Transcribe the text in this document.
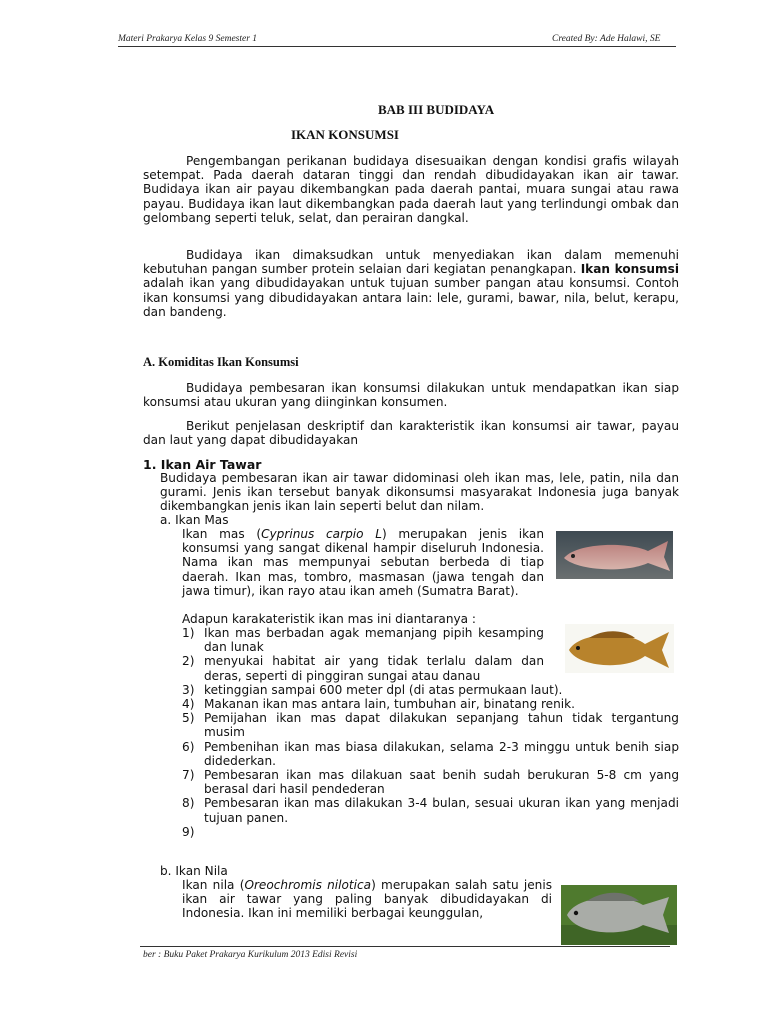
Materi Prakarya Kelas 9 Semester 1	Created By: Ade Halawi, SE
BAB III BUDIDAYA
IKAN KONSUMSI

Pengembangan perikanan budidaya disesuaikan dengan kondisi grafis wilayah setempat. Pada daerah dataran tinggi dan rendah dibudidayakan ikan air tawar. Budidaya ikan air payau dikembangkan pada daerah pantai, muara sungai atau rawa payau. Budidaya ikan laut dikembangkan pada daerah laut yang terlindungi ombak dan gelombang seperti teluk, selat, dan perairan dangkal.

Budidaya ikan dimaksudkan untuk menyediakan ikan dalam memenuhi kebutuhan pangan sumber protein selaian dari kegiatan penangkapan. Ikan konsumsi adalah ikan yang dibudidayakan untuk tujuan sumber pangan atau konsumsi. Contoh ikan konsumsi yang dibudidayakan antara lain: lele, gurami, bawar, nila, belut, kerapu, dan bandeng.

A. Komiditas Ikan Konsumsi

Budidaya pembesaran ikan konsumsi dilakukan untuk mendapatkan ikan siap konsumsi atau ukuran yang diinginkan konsumen.

Berikut penjelasan deskriptif dan karakteristik ikan konsumsi air tawar, payau dan laut yang dapat dibudidayakan

1. Ikan Air Tawar

Budidaya pembesaran ikan air tawar didominasi oleh ikan mas, lele, patin, nila dan gurami. Jenis ikan tersebut banyak dikonsumsi masyarakat Indonesia juga banyak dikembangkan jenis ikan lain seperti belut dan nilam.

a. Ikan Mas

Ikan mas (Cyprinus carpio L) merupakan jenis ikan konsumsi yang sangat dikenal hampir diseluruh Indonesia. Nama ikan mas mempunyai sebutan berbeda di tiap daerah. Ikan mas, tombro, masmasan (jawa tengah dan jawa timur), ikan rayo atau ikan ameh (Sumatra Barat).

Adapun karakateristik ikan mas ini diantaranya :
1) Ikan mas berbadan agak memanjang pipih kesamping dan lunak
2) menyukai habitat air yang tidak terlalu dalam dan deras, seperti di pinggiran sungai atau danau
3) ketinggian sampai 600 meter dpl (di atas permukaan laut).
4) Makanan ikan mas antara lain, tumbuhan air, binatang renik.
5) Pemijahan ikan mas dapat dilakukan sepanjang tahun tidak tergantung musim
6) Pembenihan ikan mas biasa dilakukan, selama 2-3 minggu untuk benih siap didederkan.
7) Pembesaran ikan mas dilakuan saat benih sudah berukuran 5-8 cm yang berasal dari hasil pendederan
8) Pembesaran ikan mas dilakukan 3-4 bulan, sesuai ukuran ikan yang menjadi tujuan panen.
9)
b. Ikan Nila

Ikan nila (Oreochromis nilotica) merupakan salah satu jenis ikan air tawar yang paling banyak dibudidayakan di Indonesia. Ikan ini memiliki berbagai keunggulan,

ber : Buku Paket Prakarya Kurikulum 2013 Edisi Revisi
